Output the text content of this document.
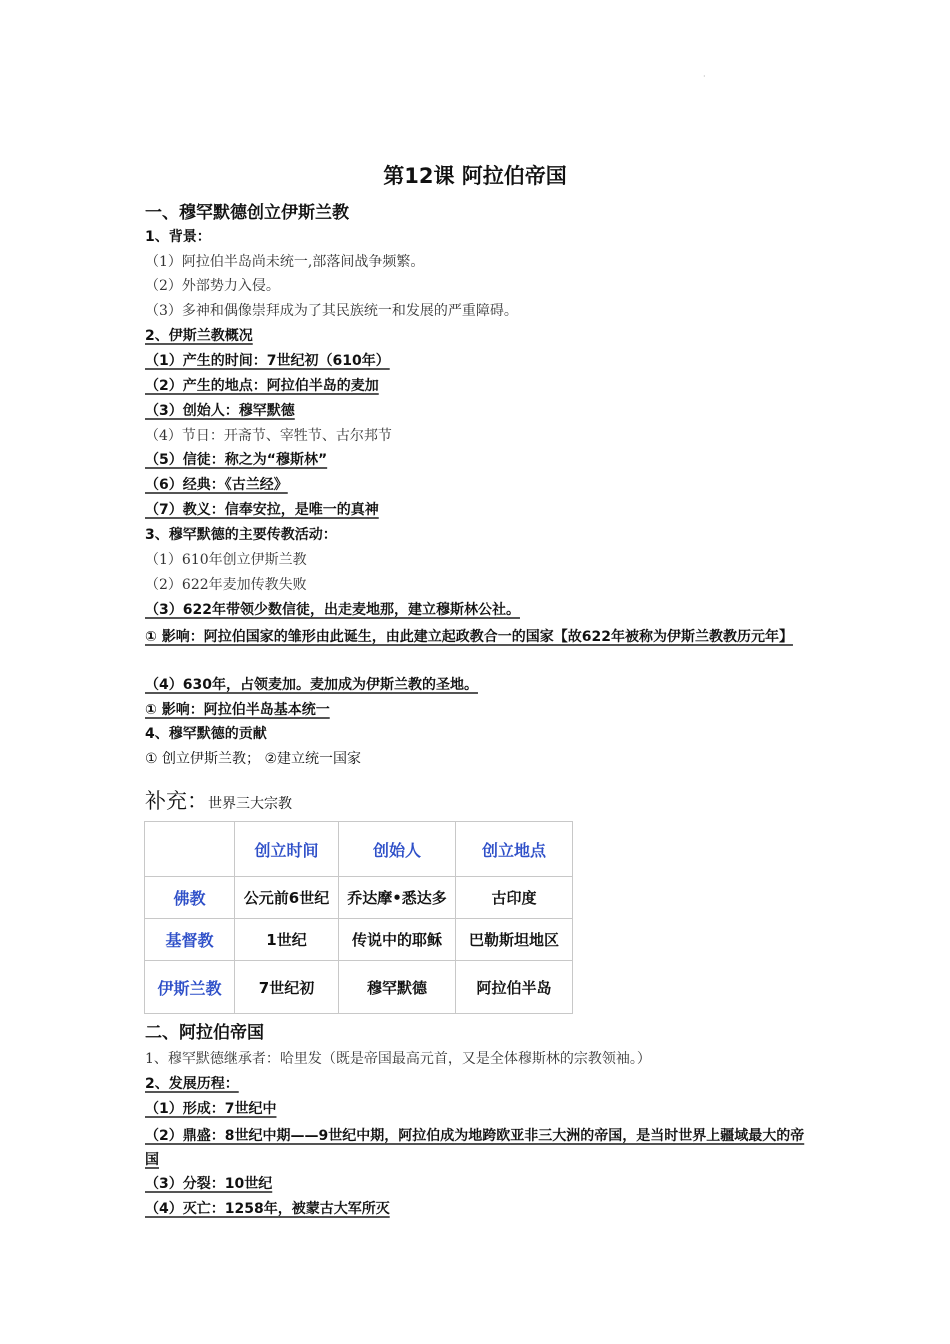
·
第12课 阿拉伯帝国
一、穆罕默德创立伊斯兰教
1、背景：
（1）阿拉伯半岛尚未统一,部落间战争频繁。
（2）外部势力入侵。
（3）多神和偶像崇拜成为了其民族统一和发展的严重障碍。
2、伊斯兰教概况
（1）产生的时间：7世纪初（610年）
（2）产生的地点：阿拉伯半岛的麦加
（3）创始人：穆罕默德
（4）节日：开斋节、宰牲节、古尔邦节
（5）信徒：称之为“穆斯林”
（6）经典：《古兰经》
（7）教义：信奉安拉，是唯一的真神
3、穆罕默德的主要传教活动：
（1）610年创立伊斯兰教
（2）622年麦加传教失败
（3）622年带领少数信徒，出走麦地那，建立穆斯林公社。
① 影响：阿拉伯国家的雏形由此诞生，由此建立起政教合一的国家【故622年被称为伊斯兰教教历元年】
（4）630年，占领麦加。麦加成为伊斯兰教的圣地。
① 影响：阿拉伯半岛基本统一
4、穆罕默德的贡献
① 创立伊斯兰教； ②建立统一国家
补充：世界三大宗教
	创立时间	创始人	创立地点
佛教	公元前6世纪	乔达摩•悉达多	古印度
基督教	1世纪	传说中的耶稣	巴勒斯坦地区
伊斯兰教	7世纪初	穆罕默德	阿拉伯半岛
二、阿拉伯帝国
1、穆罕默德继承者：哈里发（既是帝国最高元首，又是全体穆斯林的宗教领袖。）
2、发展历程：
（1）形成：7世纪中
（2）鼎盛：8世纪中期——9世纪中期，阿拉伯成为地跨欧亚非三大洲的帝国，是当时世界上疆域最大的帝国
（3）分裂：10世纪
（4）灭亡：1258年，被蒙古大军所灭
